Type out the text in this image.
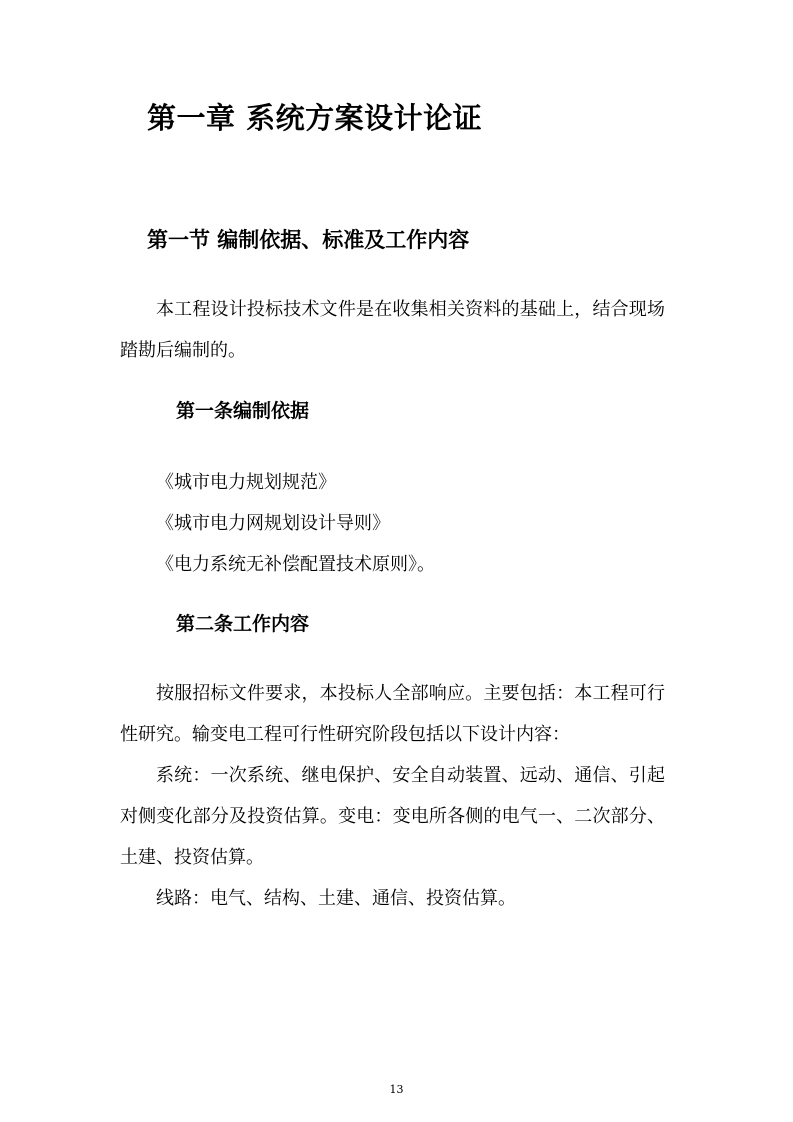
第一章 系统方案设计论证
第一节 编制依据、标准及工作内容

本工程设计投标技术文件是在收集相关资料的基础上，结合现场踏勘后编制的。

第一条编制依据
《城市电力规划规范》
《城市电力网规划设计导则》
《电力系统无补偿配置技术原则》。
第二条工作内容

按服招标文件要求，本投标人全部响应。主要包括：本工程可行性研究。输变电工程可行性研究阶段包括以下设计内容：

系统：一次系统、继电保护、安全自动装置、远动、通信、引起对侧变化部分及投资估算。变电：变电所各侧的电气一、二次部分、土建、投资估算。

线路：电气、结构、土建、通信、投资估算。

13
